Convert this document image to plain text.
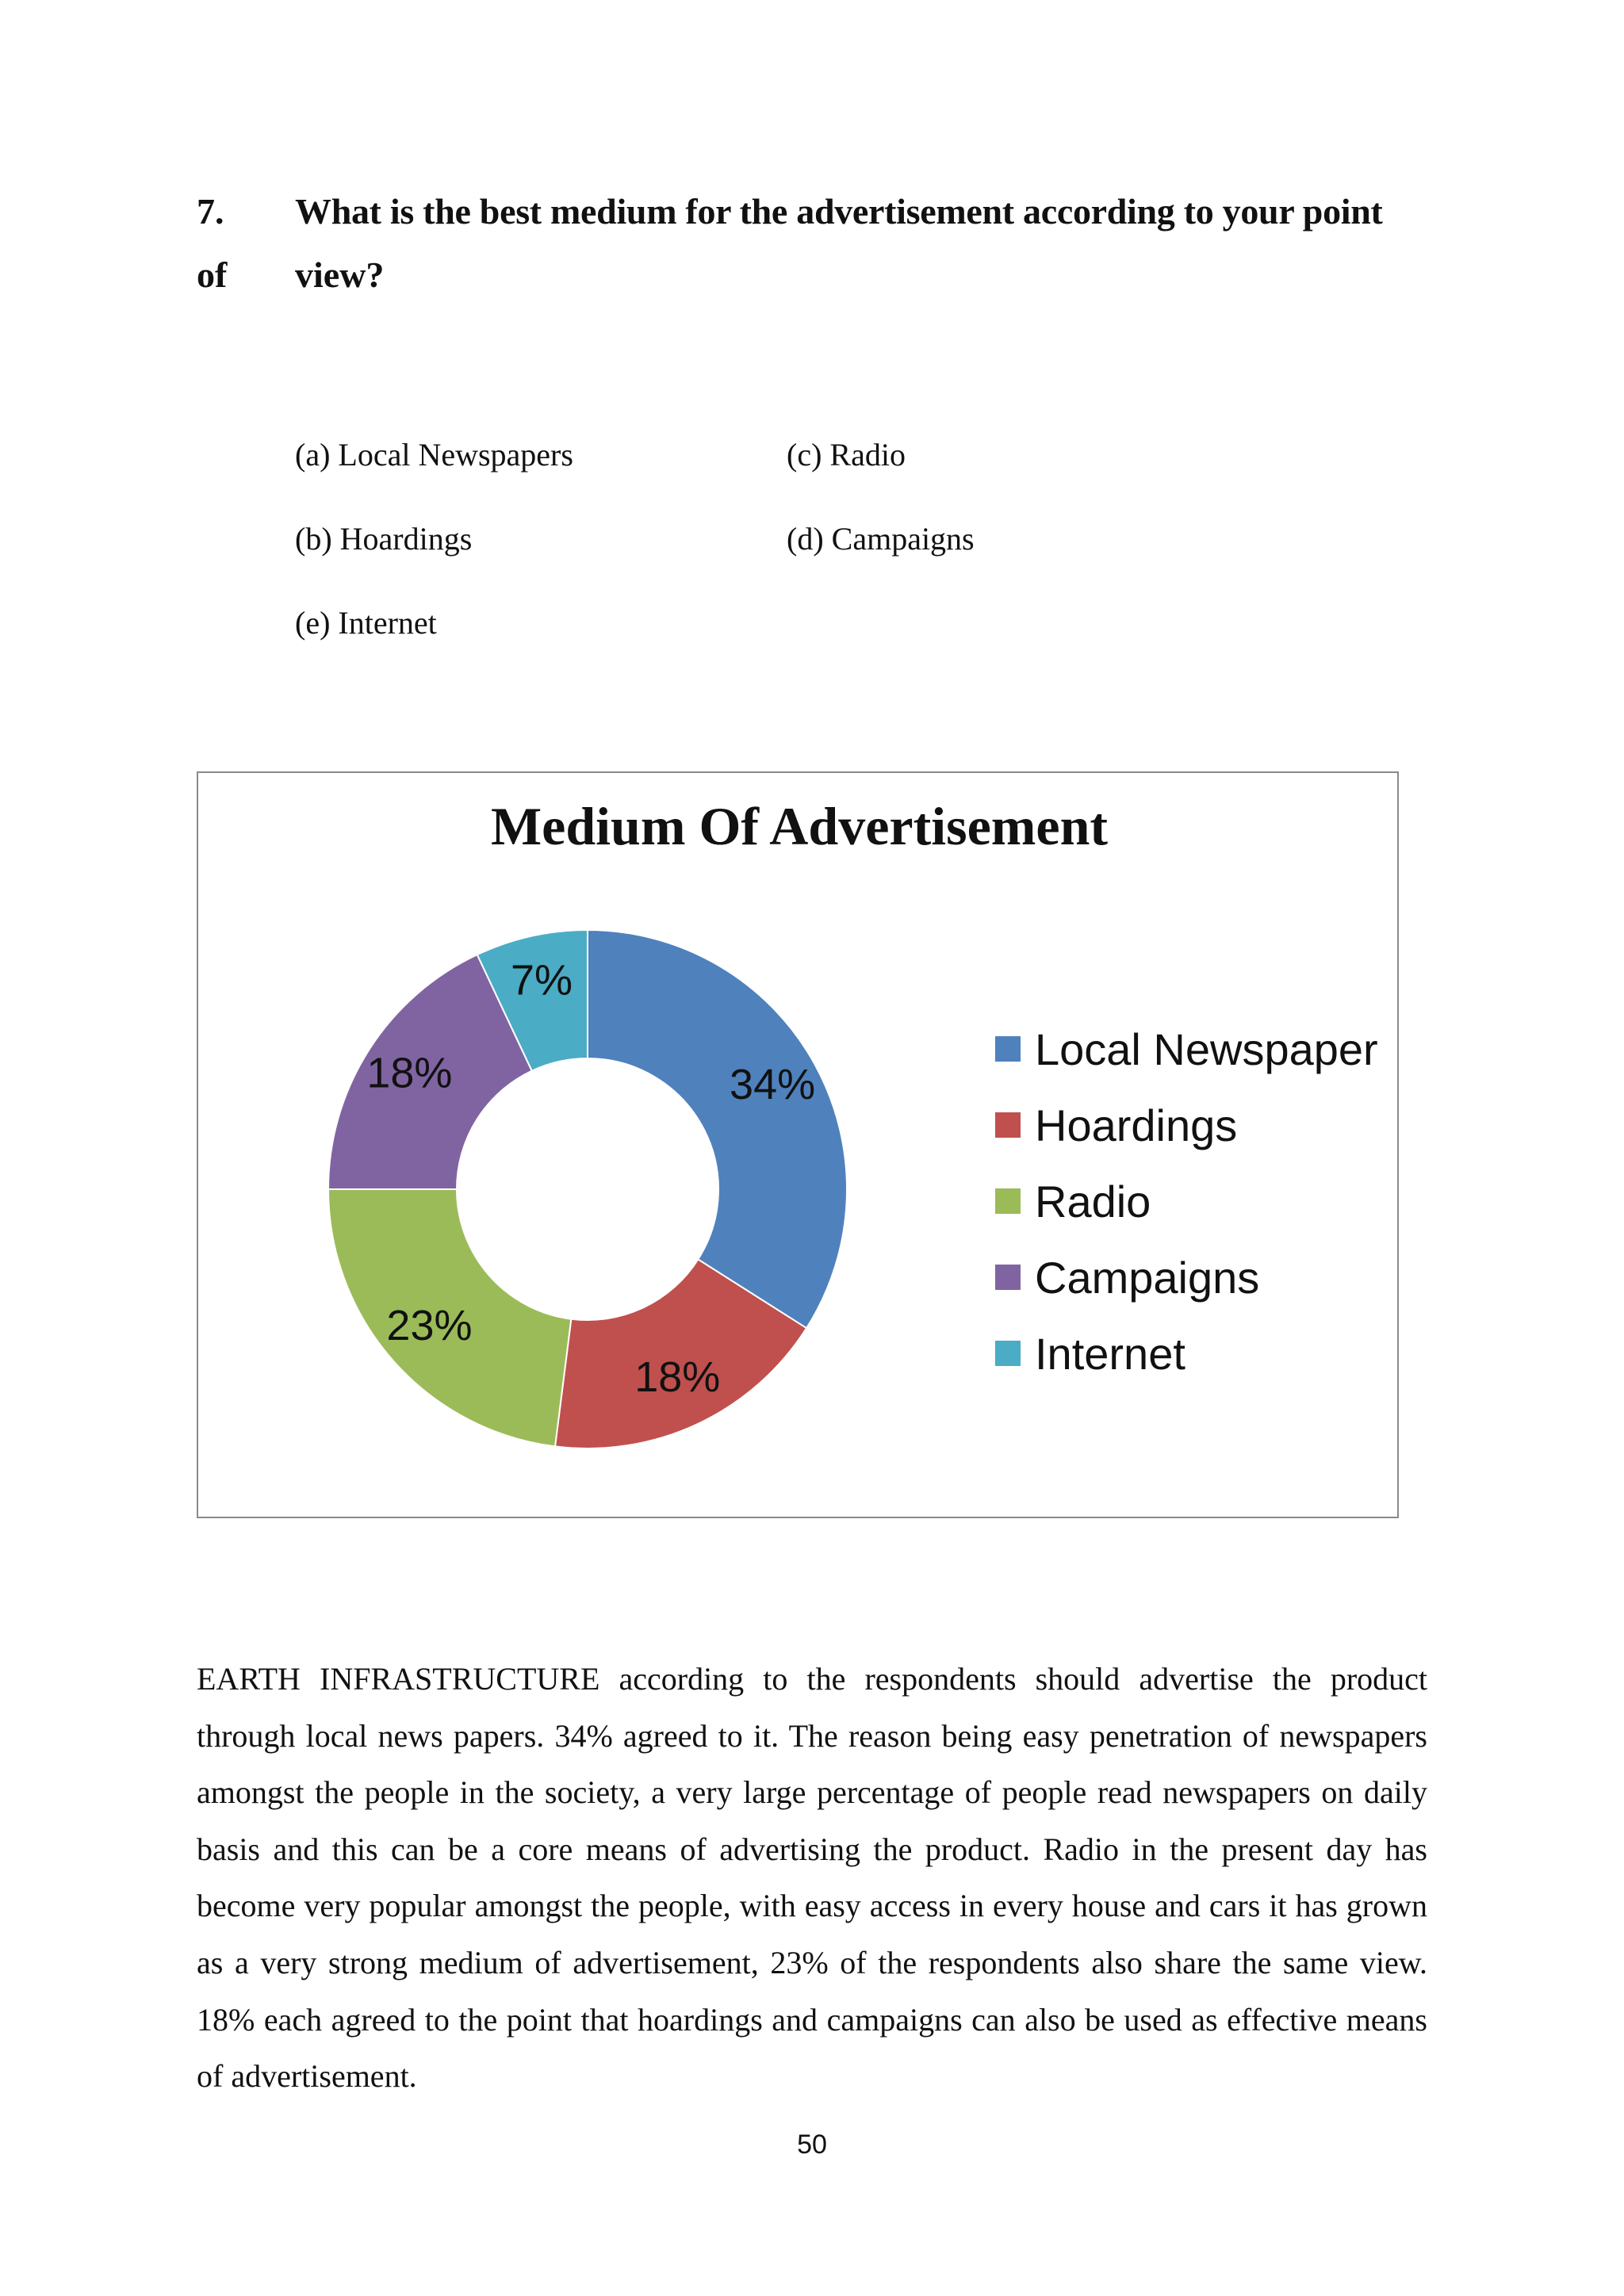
7. What is the best medium for the advertisement according to your point
of view?
(a) Local Newspapers	(c) Radio
(b) Hoardings	(d) Campaigns
(e) Internet
Medium Of Advertisement
34%
18%
23%
18%
7%
Local Newspaper
Hoardings
Radio
Campaigns
Internet
EARTH INFRASTRUCTURE according to the respondents should advertise the product through local news papers. 34% agreed to it. The reason being easy penetration of newspapers amongst the people in the society, a very large percentage of people read newspapers on daily basis and this can be a core means of advertising the product. Radio in the present day has become very popular amongst the people, with easy access in every house and cars it has grown as a very strong medium of advertisement, 23% of the respondents also share the same view. 18% each agreed to the point that hoardings and campaigns can also be used as effective means of advertisement.
50
